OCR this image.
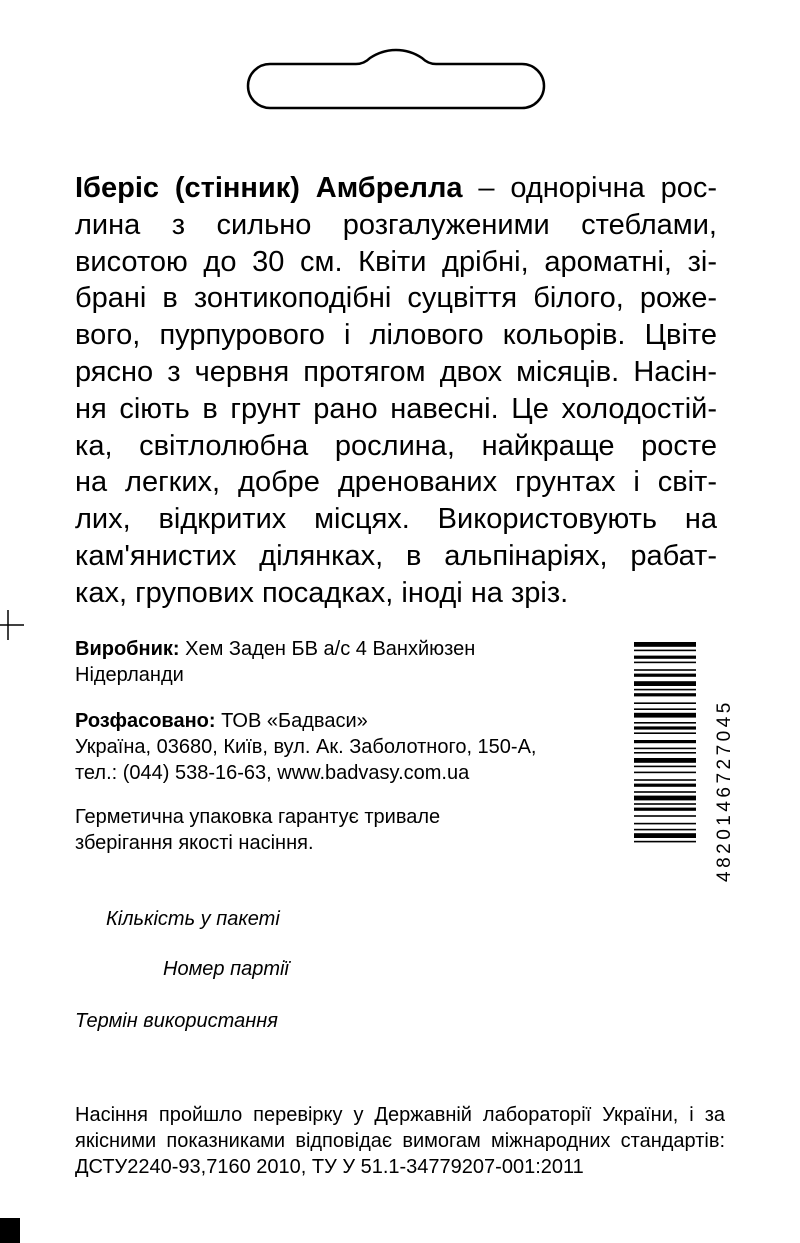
Іберіс (стінник) Амбрелла – однорічна рос-
лина з сильно розгалуженими стеблами,
висотою до 30 см. Квіти дрібні, ароматні, зі-
брані в зонтикоподібні суцвіття білого, роже-
вого, пурпурового і лілового кольорів. Цвіте
рясно з червня протягом двох місяців. Насін-
ня сіють в грунт рано навесні. Це холодостій-
ка, світлолюбна рослина, найкраще росте
на легких, добре дренованих грунтах і світ-
лих, відкритих місцях. Використовують на
кам'янистих ділянках, в альпінаріях, рабат-
ках, групових посадках, іноді на зріз.
Виробник: Хем Заден БВ а/с 4 Ванхйюзен
Нідерланди
Розфасовано: ТОВ «Бадваси»
Україна, 03680, Київ, вул. Ак. Заболотного, 150-А,
тел.: (044) 538-16-63, www.badvasy.com.ua
Герметична упаковка гарантує тривале
зберігання якості насіння.	4820146727045
Кількість у пакеті
Номер партії
Термін використання
Насіння пройшло перевірку у Державній лабораторії України, і за
якісними показниками відповідає вимогам міжнародних стандартів:
ДСТУ2240-93,7160 2010, ТУ У 51.1-34779207-001:2011
